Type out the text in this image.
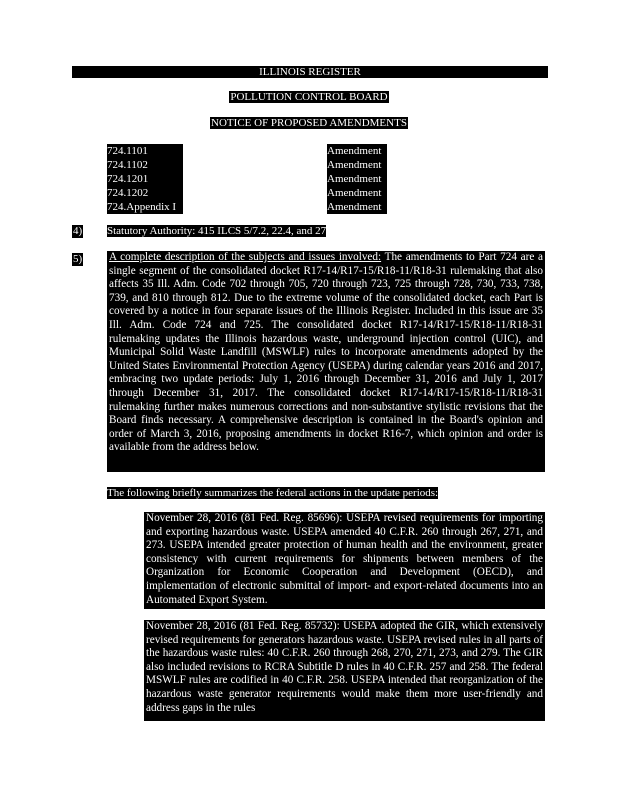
ILLINOIS REGISTER
POLLUTION CONTROL BOARD
NOTICE OF PROPOSED AMENDMENTS
724.1101	Amendment
724.1102	Amendment
724.1201	Amendment
724.1202	Amendment
724.Appendix I	Amendment
4) Statutory Authority: 415 ILCS 5/7.2, 22.4, and 27
5) A complete description of the subjects and issues involved: The amendments to Part 724 are a single segment of the consolidated docket R17-14/R17-15/R18-11/R18-31 rulemaking that also affects 35 Ill. Adm. Code 702 through 705, 720 through 723, 725 through 728, 730, 733, 738, 739, and 810 through 812. Due to the extreme volume of the consolidated docket, each Part is covered by a notice in four separate issues of the Illinois Register. Included in this issue are 35 Ill. Adm. Code 724 and 725. The consolidated docket R17-14/R17-15/R18-11/R18-31 rulemaking updates the Illinois hazardous waste, underground injection control (UIC), and Municipal Solid Waste Landfill (MSWLF) rules to incorporate amendments adopted by the United States Environmental Protection Agency (USEPA) during calendar years 2016 and 2017, embracing two update periods: July 1, 2016 through December 31, 2016 and July 1, 2017 through December 31, 2017. The consolidated docket R17-14/R17-15/R18-11/R18-31 rulemaking further makes numerous corrections and non-substantive stylistic revisions that the Board finds necessary. A comprehensive description is contained in the Board's opinion and order of March 3, 2016, proposing amendments in docket R16-7, which opinion and order is available from the address below.
The following briefly summarizes the federal actions in the update periods:
November 28, 2016 (81 Fed. Reg. 85696): USEPA revised requirements for importing and exporting hazardous waste. USEPA amended 40 C.F.R. 260 through 267, 271, and 273. USEPA intended greater protection of human health and the environment, greater consistency with current requirements for shipments between members of the Organization for Economic Cooperation and Development (OECD), and implementation of electronic submittal of import- and export-related documents into an Automated Export System.
November 28, 2016 (81 Fed. Reg. 85732): USEPA adopted the GIR, which extensively revised requirements for generators hazardous waste. USEPA revised rules in all parts of the hazardous waste rules: 40 C.F.R. 260 through 268, 270, 271, 273, and 279. The GIR also included revisions to RCRA Subtitle D rules in 40 C.F.R. 257 and 258. The federal MSWLF rules are codified in 40 C.F.R. 258. USEPA intended that reorganization of the hazardous waste generator requirements would make them more user-friendly and address gaps in the rules
